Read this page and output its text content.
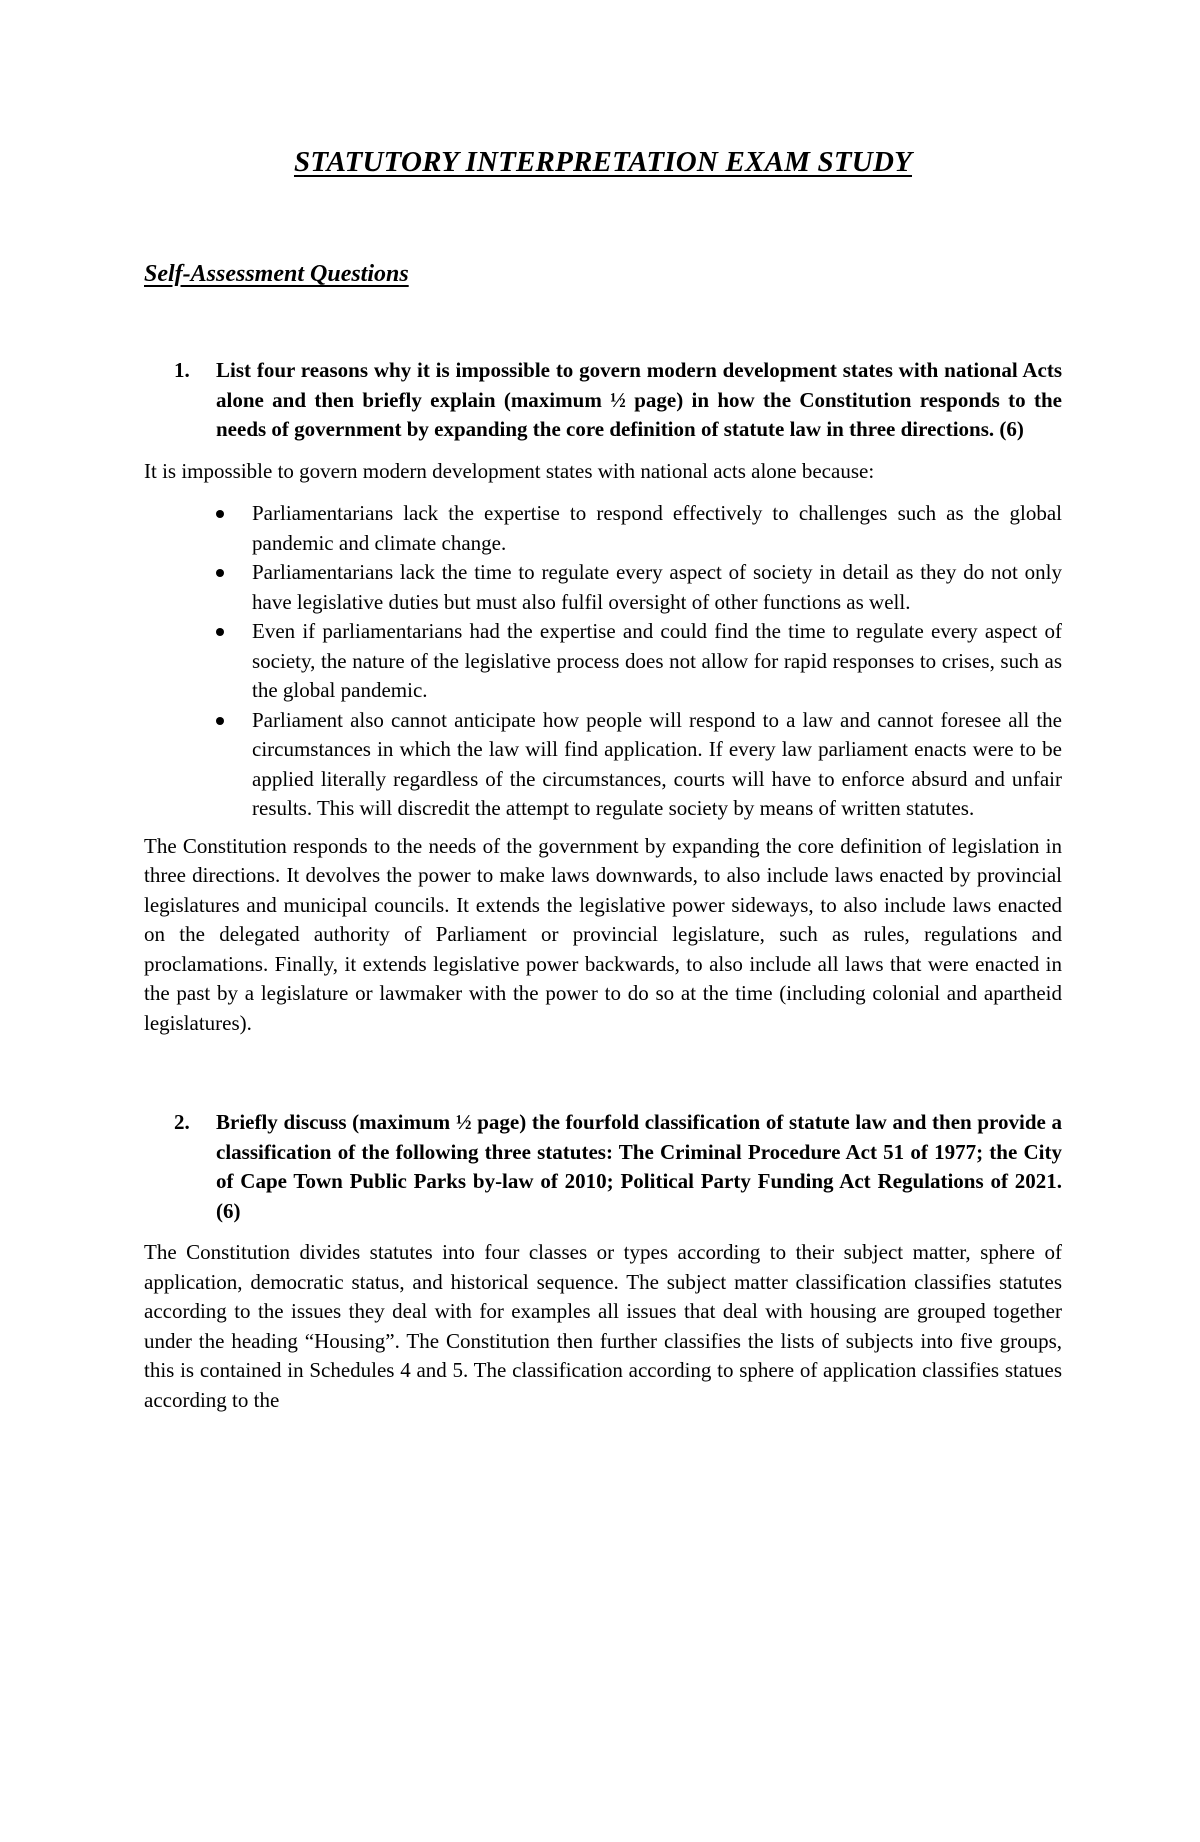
STATUTORY INTERPRETATION EXAM STUDY
Self-Assessment Questions
1.	List four reasons why it is impossible to govern modern development states with national Acts alone and then briefly explain (maximum ½ page) in how the Constitution responds to the needs of government by expanding the core definition of statute law in three directions. (6)

It is impossible to govern modern development states with national acts alone because:

Parliamentarians lack the expertise to respond effectively to challenges such as the global pandemic and climate change.
Parliamentarians lack the time to regulate every aspect of society in detail as they do not only have legislative duties but must also fulfil oversight of other functions as well.
Even if parliamentarians had the expertise and could find the time to regulate every aspect of society, the nature of the legislative process does not allow for rapid responses to crises, such as the global pandemic.
Parliament also cannot anticipate how people will respond to a law and cannot foresee all the circumstances in which the law will find application. If every law parliament enacts were to be applied literally regardless of the circumstances, courts will have to enforce absurd and unfair results. This will discredit the attempt to regulate society by means of written statutes.

The Constitution responds to the needs of the government by expanding the core definition of legislation in three directions. It devolves the power to make laws downwards, to also include laws enacted by provincial legislatures and municipal councils. It extends the legislative power sideways, to also include laws enacted on the delegated authority of Parliament or provincial legislature, such as rules, regulations and proclamations. Finally, it extends legislative power backwards, to also include all laws that were enacted in the past by a legislature or lawmaker with the power to do so at the time (including colonial and apartheid legislatures).

2.	Briefly discuss (maximum ½ page) the fourfold classification of statute law and then provide a classification of the following three statutes: The Criminal Procedure Act 51 of 1977; the City of Cape Town Public Parks by-law of 2010; Political Party Funding Act Regulations of 2021. (6)

The Constitution divides statutes into four classes or types according to their subject matter, sphere of application, democratic status, and historical sequence. The subject matter classification classifies statutes according to the issues they deal with for examples all issues that deal with housing are grouped together under the heading “Housing”. The Constitution then further classifies the lists of subjects into five groups, this is contained in Schedules 4 and 5. The classification according to sphere of application classifies statues according to the
